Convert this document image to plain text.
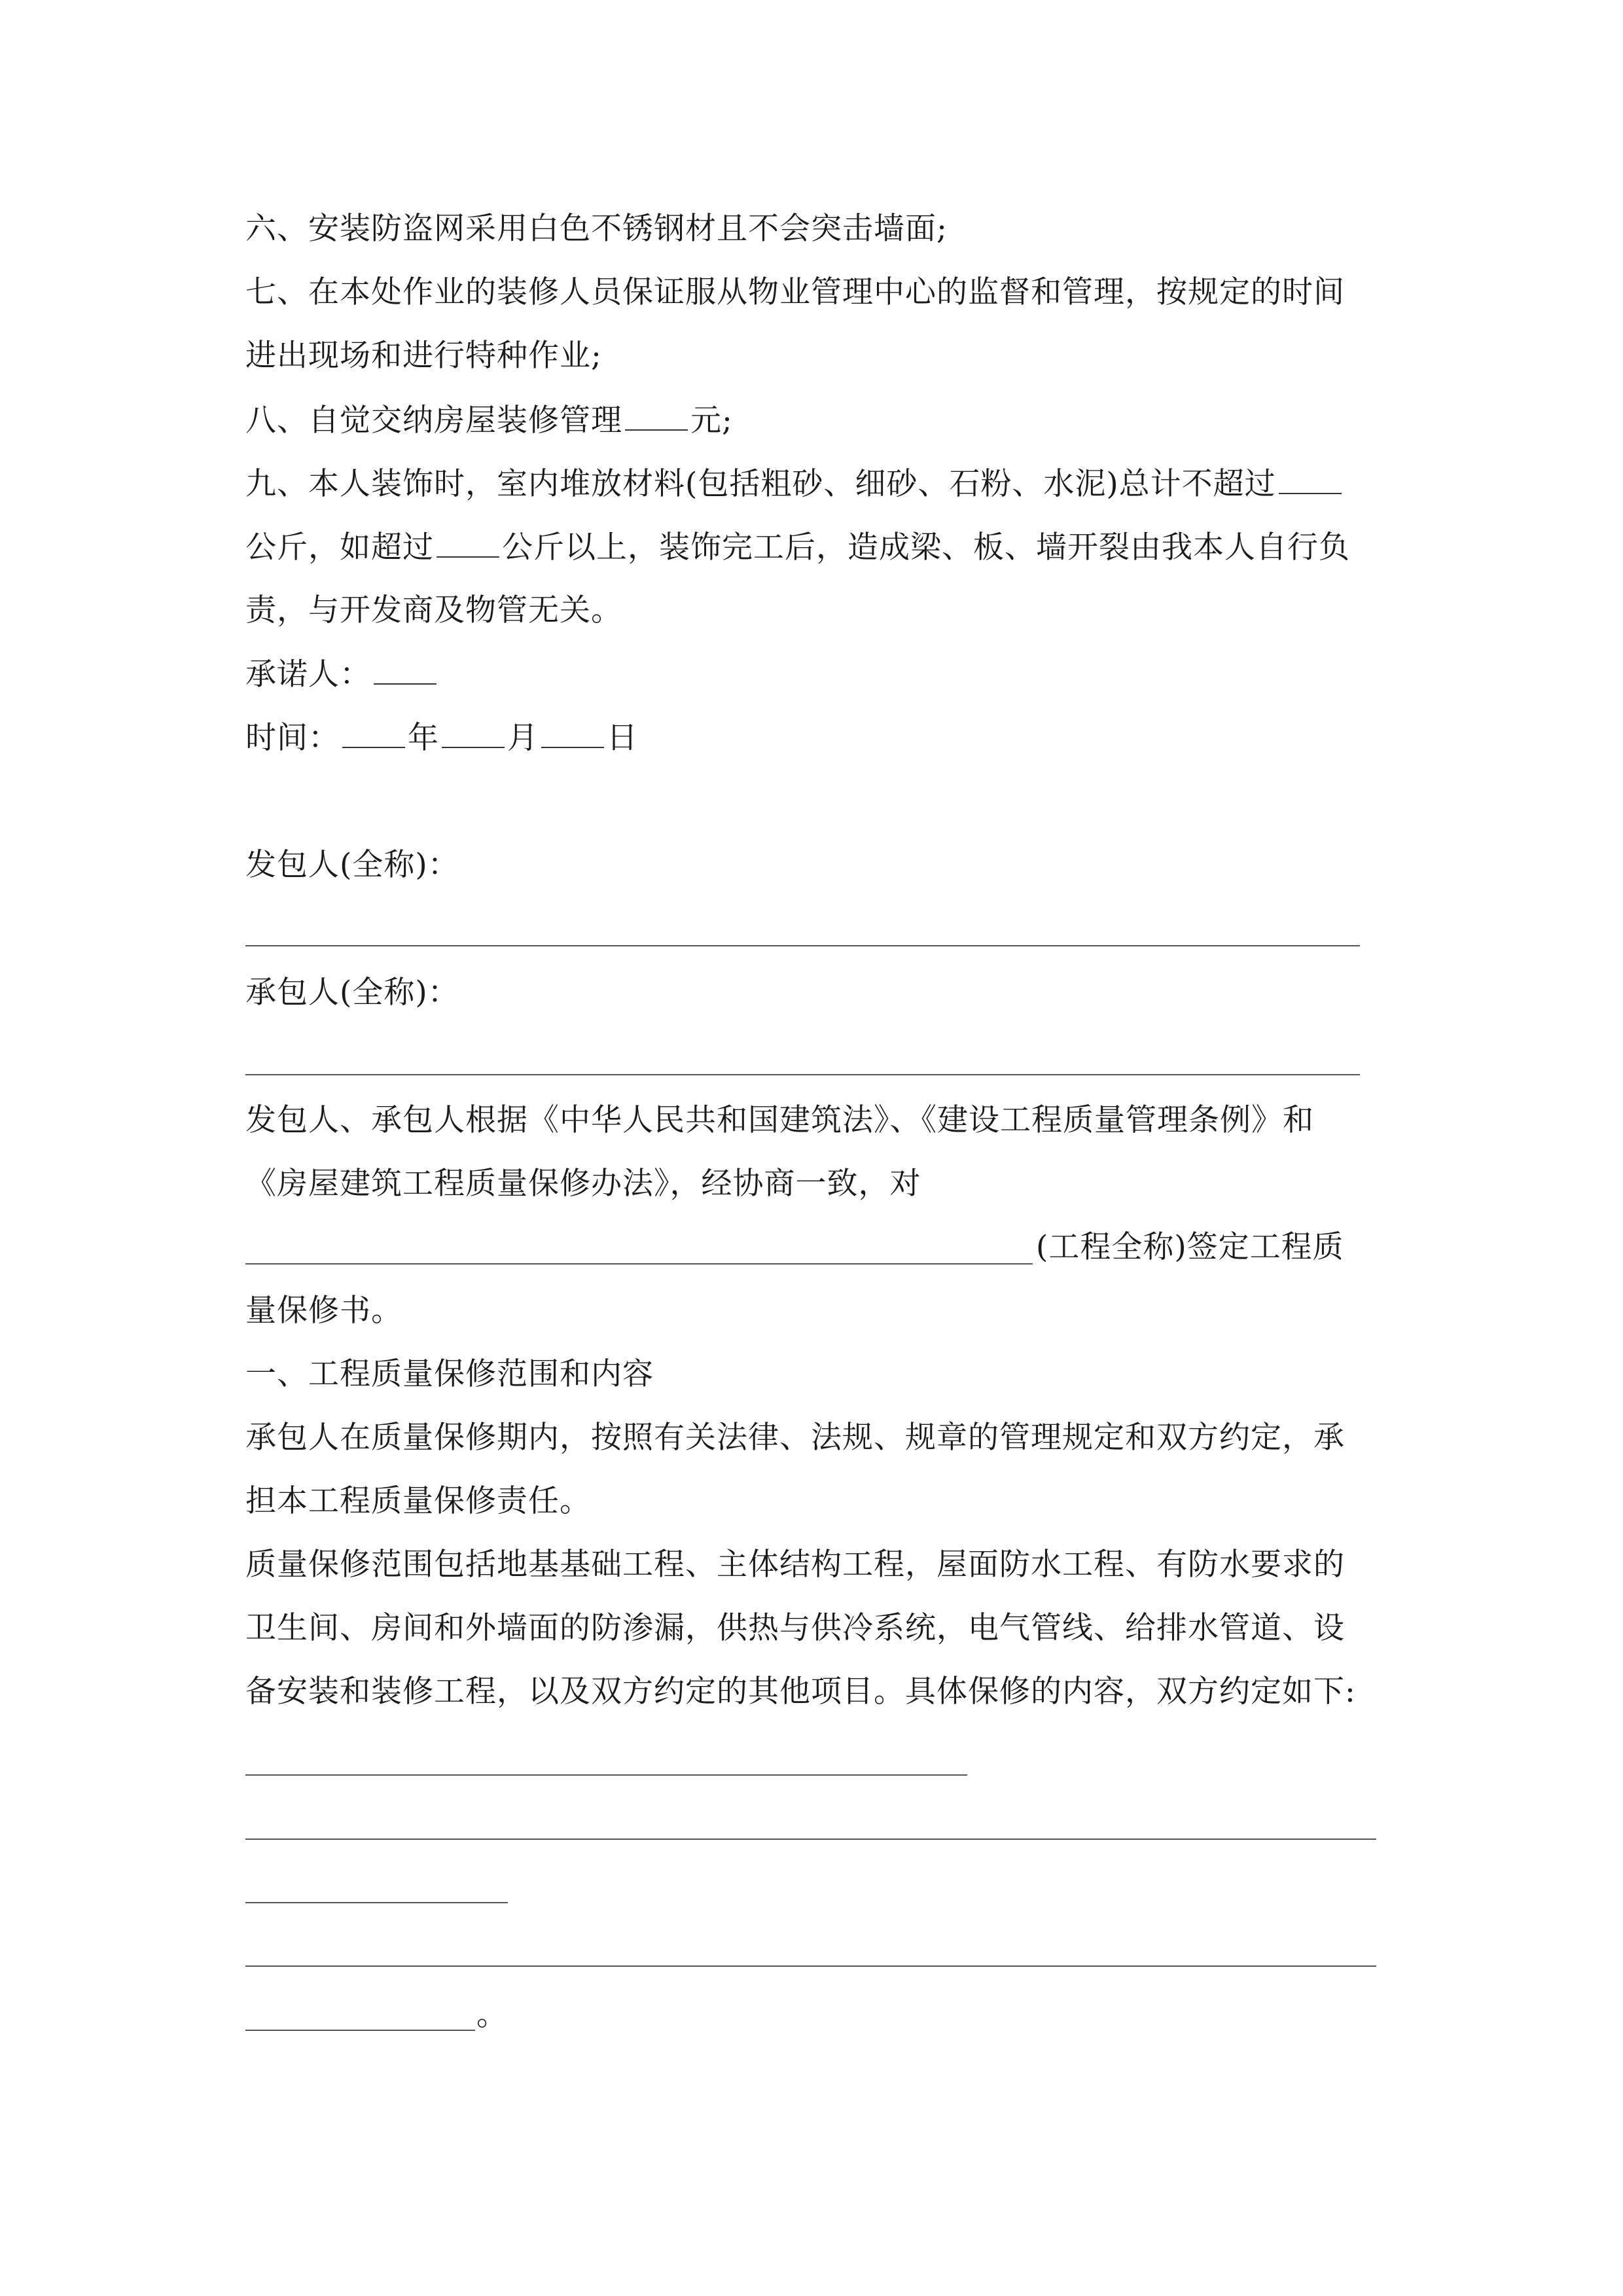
六、安装防盗网采用白色不锈钢材且不会突击墙面;
七、在本处作业的装修人员保证服从物业管理中心的监督和管理，按规定的时间
进出现场和进行特种作业;
八、自觉交纳房屋装修管理 元;
九、本人装饰时，室内堆放材料(包括粗砂、细砂、石粉、水泥)总计不超过
公斤，如超过 公斤以上，装饰完工后，造成梁、板、墙开裂由我本人自行负
责，与开发商及物管无关。
承诺人：
时间： 年 月 日
发包人(全称)：
承包人(全称)：
发包人、承包人根据《中华人民共和国建筑法》、《建设工程质量管理条例》和
《房屋建筑工程质量保修办法》，经协商一致，对
(工程全称)签定工程质
量保修书。
一、工程质量保修范围和内容
承包人在质量保修期内，按照有关法律、法规、规章的管理规定和双方约定，承
担本工程质量保修责任。
质量保修范围包括地基基础工程、主体结构工程，屋面防水工程、有防水要求的
卫生间、房间和外墙面的防渗漏，供热与供冷系统，电气管线、给排水管道、设
备安装和装修工程，以及双方约定的其他项目。具体保修的内容，双方约定如下:
。
